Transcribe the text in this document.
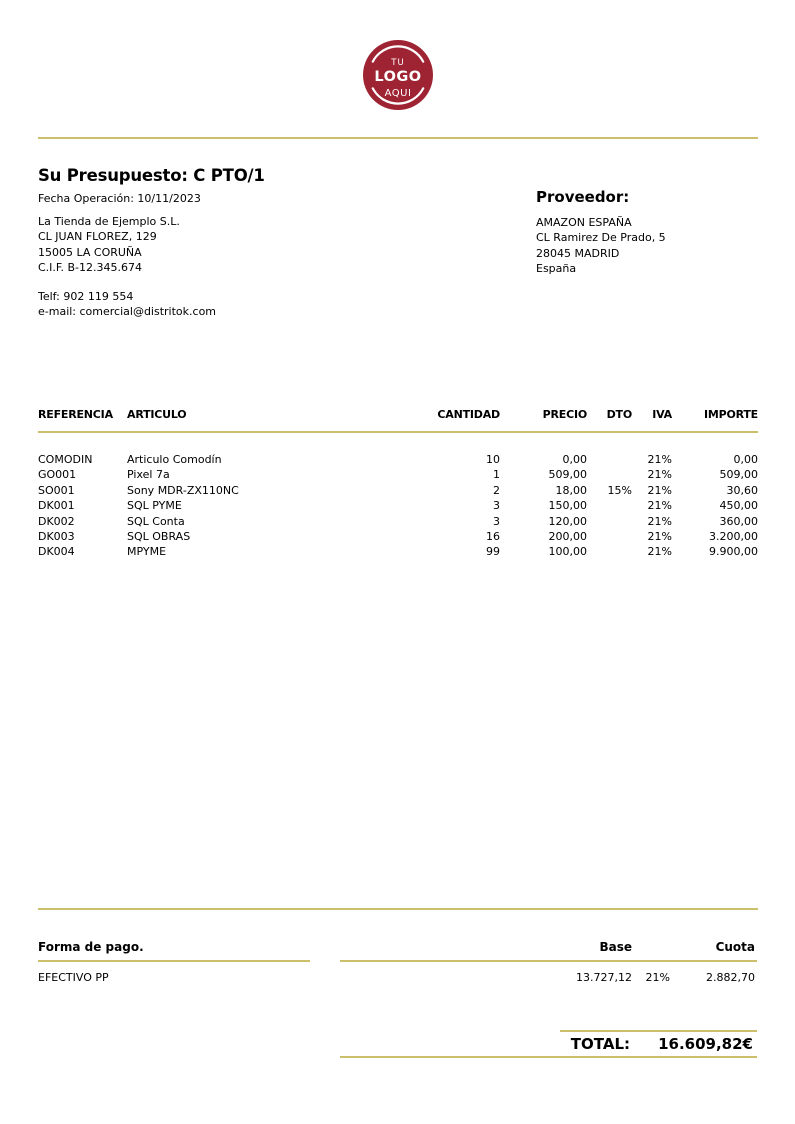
TU
LOGO
AQUI
Su Presupuesto: C PTO/1
Fecha Operación: 10/11/2023
La Tienda de Ejemplo S.L.
CL JUAN FLOREZ, 129
15005 LA CORUÑA
C.I.F. B-12.345.674
Telf: 902 119 554
e-mail: comercial@distritok.com
Proveedor:
AMAZON ESPAÑA
CL Ramirez De Prado, 5
28045 MADRID
España
REFERENCIA	ARTICULO	CANTIDAD	PRECIO	DTO	IVA	IMPORTE
COMODIN	Articulo Comodín	10	0,00		21%	0,00
GO001	Pixel 7a	1	509,00		21%	509,00
SO001	Sony MDR-ZX110NC	2	18,00	15%	21%	30,60
DK001	SQL PYME	3	150,00		21%	450,00
DK002	SQL Conta	3	120,00		21%	360,00
DK003	SQL OBRAS	16	200,00		21%	3.200,00
DK004	MPYME	99	100,00		21%	9.900,00
Forma de pago.	Base	Cuota
EFECTIVO PP	13.727,12	21%	2.882,70
TOTAL:	16.609,82€
